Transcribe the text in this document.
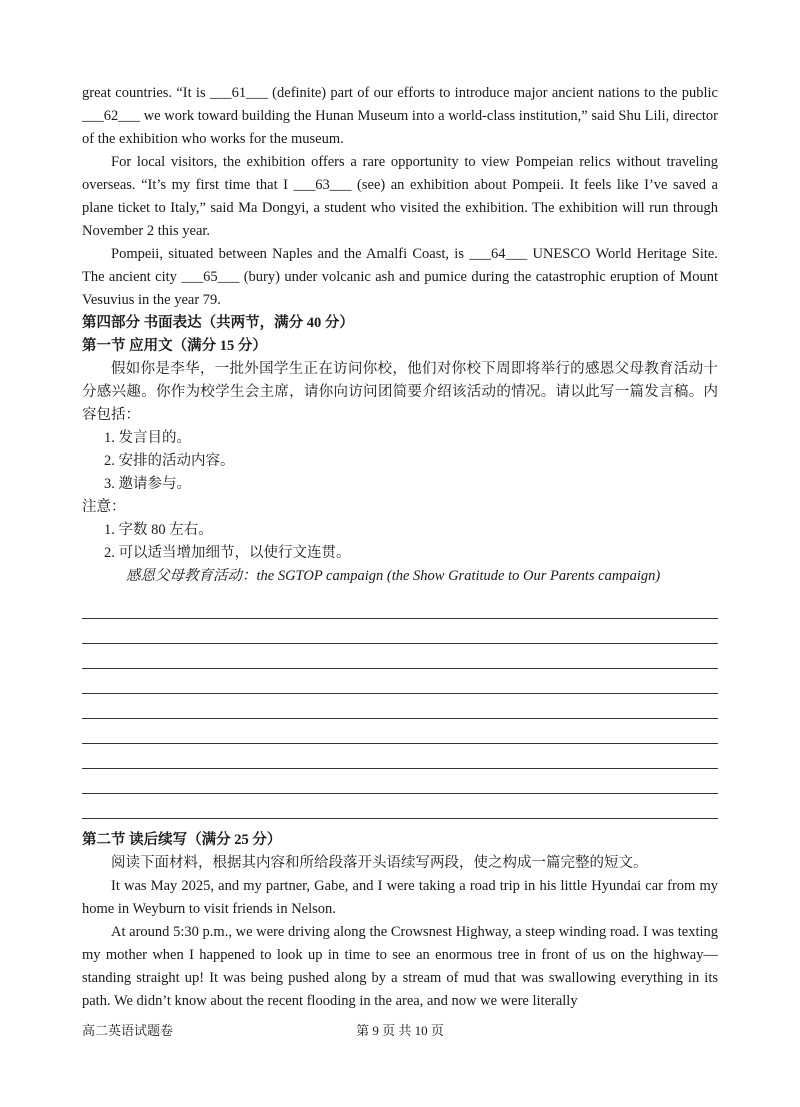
great countries. “It is ___61___ (definite) part of our efforts to introduce major ancient nations to the public ___62___ we work toward building the Hunan Museum into a world-class institution,” said Shu Lili, director of the exhibition who works for the museum.

For local visitors, the exhibition offers a rare opportunity to view Pompeian relics without traveling overseas. “It’s my first time that I ___63___ (see) an exhibition about Pompeii. It feels like I’ve saved a plane ticket to Italy,” said Ma Dongyi, a student who visited the exhibition. The exhibition will run through November 2 this year.

Pompeii, situated between Naples and the Amalfi Coast, is ___64___ UNESCO World Heritage Site. The ancient city ___65___ (bury) under volcanic ash and pumice during the catastrophic eruption of Mount Vesuvius in the year 79.

第四部分 书面表达（共两节，满分 40 分）
第一节 应用文（满分 15 分）

假如你是李华，一批外国学生正在访问你校，他们对你校下周即将举行的感恩父母教育活动十分感兴趣。你作为校学生会主席，请你向访问团简要介绍该活动的情况。请以此写一篇发言稿。内容包括：

1. 发言目的。
2. 安排的活动内容。
3. 邀请参与。
注意：
1. 字数 80 左右。
2. 可以适当增加细节，以使行文连贯。
感恩父母教育活动：the SGTOP campaign (the Show Gratitude to Our Parents campaign)
第二节 读后续写（满分 25 分）

阅读下面材料，根据其内容和所给段落开头语续写两段，使之构成一篇完整的短文。

It was May 2025, and my partner, Gabe, and I were taking a road trip in his little Hyundai car from my home in Weyburn to visit friends in Nelson.

At around 5:30 p.m., we were driving along the Crowsnest Highway, a steep winding road. I was texting my mother when I happened to look up in time to see an enormous tree in front of us on the highway—standing straight up! It was being pushed along by a stream of mud that was swallowing everything in its path. We didn’t know about the recent flooding in the area, and now we were literally

高二英语试题卷	第 9 页 共 10 页
